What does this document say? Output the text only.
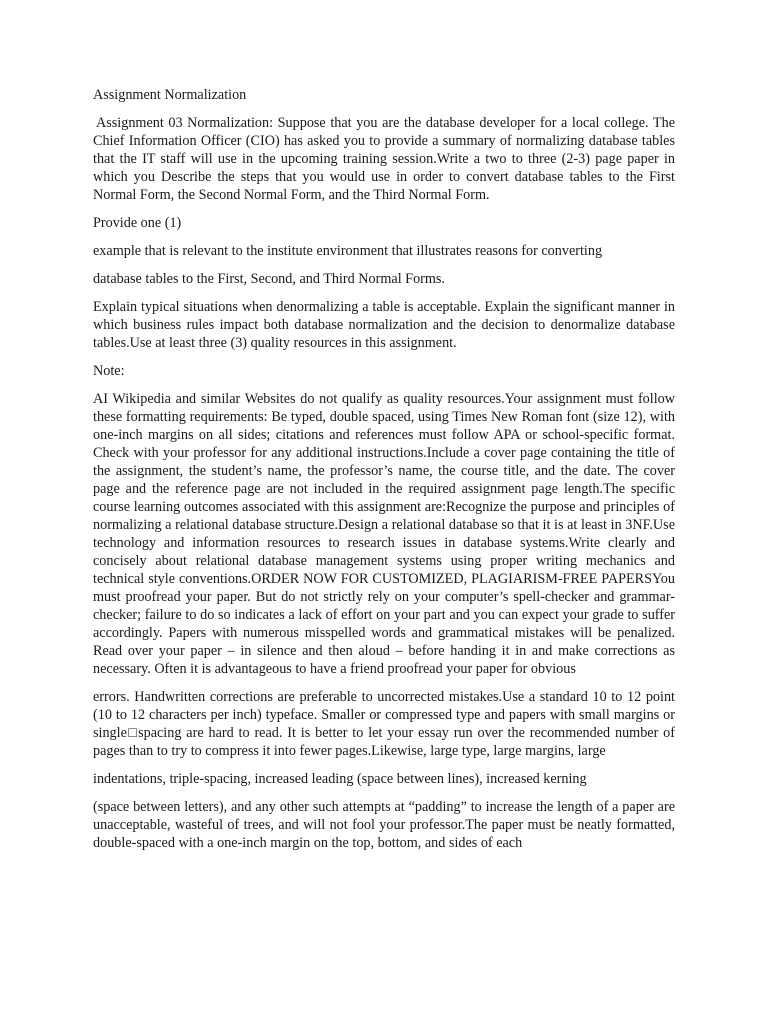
Assignment Normalization

Assignment 03 Normalization: Suppose that you are the database developer for a local college. The Chief Information Officer (CIO) has asked you to provide a summary of normalizing database tables that the IT staff will use in the upcoming training session.Write a two to three (2-3) page paper in which you Describe the steps that you would use in order to convert database tables to the First Normal Form, the Second Normal Form, and the Third Normal Form.

Provide one (1)

example that is relevant to the institute environment that illustrates reasons for converting

database tables to the First, Second, and Third Normal Forms.

Explain typical situations when denormalizing a table is acceptable. Explain the significant manner in which business rules impact both database normalization and the decision to denormalize database tables.Use at least three (3) quality resources in this assignment.

Note:

AI Wikipedia and similar Websites do not qualify as quality resources.Your assignment must follow these formatting requirements: Be typed, double spaced, using Times New Roman font (size 12), with one-inch margins on all sides; citations and references must follow APA or school-specific format. Check with your professor for any additional instructions.Include a cover page containing the title of the assignment, the student’s name, the professor’s name, the course title, and the date. The cover page and the reference page are not included in the required assignment page length.The specific course learning outcomes associated with this assignment are:Recognize the purpose and principles of normalizing a relational database structure.Design a relational database so that it is at least in 3NF.Use technology and information resources to research issues in database systems.Write clearly and concisely about relational database management systems using proper writing mechanics and technical style conventions.ORDER NOW FOR CUSTOMIZED, PLAGIARISM-FREE PAPERSYou must proofread your paper. But do not strictly rely on your computer’s spell-checker and grammar-checker; failure to do so indicates a lack of effort on your part and you can expect your grade to suffer accordingly. Papers with numerous misspelled words and grammatical mistakes will be penalized. Read over your paper – in silence and then aloud – before handing it in and make corrections as necessary. Often it is advantageous to have a friend proofread your paper for obvious

errors. Handwritten corrections are preferable to uncorrected mistakes.Use a standard 10 to 12 point (10 to 12 characters per inch) typeface. Smaller or compressed type and papers with small margins or single□spacing are hard to read. It is better to let your essay run over the recommended number of pages than to try to compress it into fewer pages.Likewise, large type, large margins, large

indentations, triple-spacing, increased leading (space between lines), increased kerning

(space between letters), and any other such attempts at “padding” to increase the length of a paper are unacceptable, wasteful of trees, and will not fool your professor.The paper must be neatly formatted, double-spaced with a one-inch margin on the top, bottom, and sides of each
